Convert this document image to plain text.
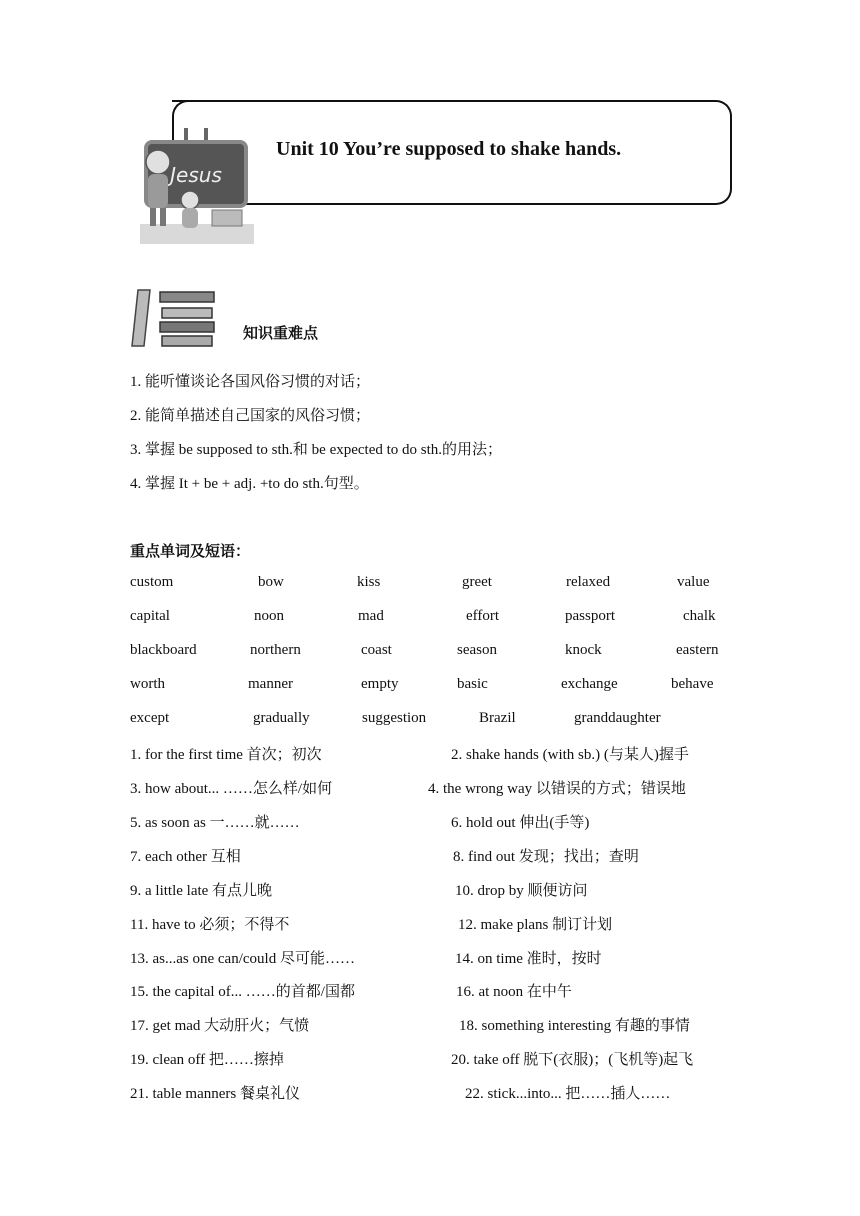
Unit 10 You’re supposed to shake hands.
Jesus
知识重难点
1. 能听懂谈论各国风俗习惯的对话；
2. 能简单描述自己国家的风俗习惯；
3. 掌握 be supposed to sth.和 be expected to do sth.的用法；
4. 掌握 It + be + adj. +to do sth.句型。
重点单词及短语：
custom	bow	kiss	greet	relaxed	value
capital	noon	mad	effort	passport	chalk
blackboard	northern	coast	season	knock	eastern
worth	manner	empty	basic	exchange	behave
except	gradually	suggestion	Brazil	granddaughter
1. for the first time 首次；初次	2. shake hands (with sb.) (与某人)握手
3. how about... ……怎么样/如何	4. the wrong way 以错误的方式；错误地
5. as soon as 一……就……	6. hold out 伸出(手等)
7. each other 互相	8. find out 发现；找出；查明
9. a little late 有点儿晚	10. drop by 顺便访问
11. have to 必须；不得不	12. make plans 制订计划
13. as...as one can/could 尽可能……	14. on time 准时，按时
15. the capital of... ……的首都/国都	16. at noon 在中午
17. get mad 大动肝火；气愤	18. something interesting 有趣的事情
19. clean off 把……擦掉	20. take off 脱下(衣服)；(飞机等)起飞
21. table manners 餐桌礼仪	22. stick...into... 把……插人……
